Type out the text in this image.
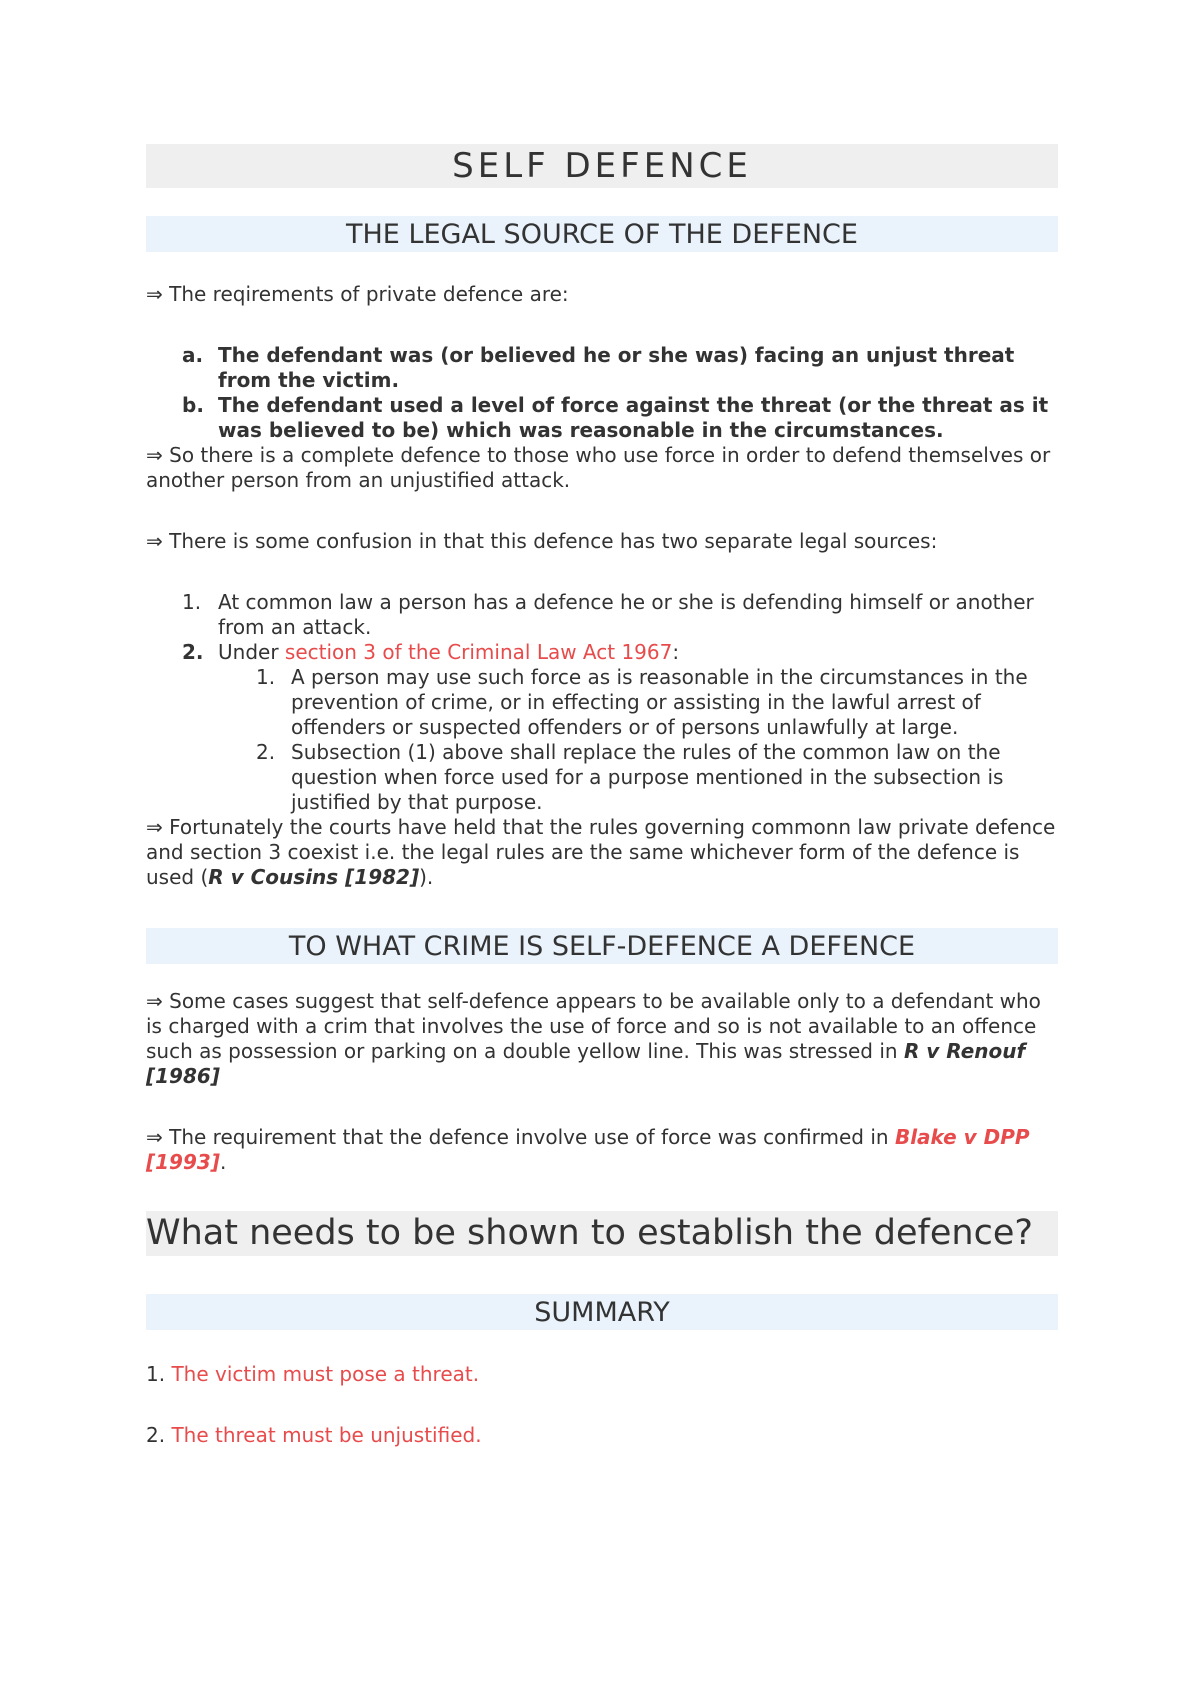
SELF DEFENCE
THE LEGAL SOURCE OF THE DEFENCE

⇒ The reqirements of private defence are:

a. The defendant was (or believed he or she was) facing an unjust threat from the victim.
b. The defendant used a level of force against the threat (or the threat as it was believed to be) which was reasonable in the circumstances.

⇒ So there is a complete defence to those who use force in order to defend themselves or another person from an unjustified attack.

⇒ There is some confusion in that this defence has two separate legal sources:

1. At common law a person has a defence he or she is defending himself or another from an attack.
2. Under section 3 of the Criminal Law Act 1967:
1. A person may use such force as is reasonable in the circumstances in the prevention of crime, or in effecting or assisting in the lawful arrest of offenders or suspected offenders or of persons unlawfully at large.
2. Subsection (1) above shall replace the rules of the common law on the question when force used for a purpose mentioned in the subsection is justified by that purpose.

⇒ Fortunately the courts have held that the rules governing commonn law private defence and section 3 coexist i.e. the legal rules are the same whichever form of the defence is used (R v Cousins [1982]).

TO WHAT CRIME IS SELF-DEFENCE A DEFENCE

⇒ Some cases suggest that self-defence appears to be available only to a defendant who is charged with a crim that involves the use of force and so is not available to an offence such as possession or parking on a double yellow line. This was stressed in R v Renouf [1986]

⇒ The requirement that the defence involve use of force was confirmed in Blake v DPP [1993].

What needs to be shown to establish the defence?
SUMMARY

1. The victim must pose a threat.

2. The threat must be unjustified.
